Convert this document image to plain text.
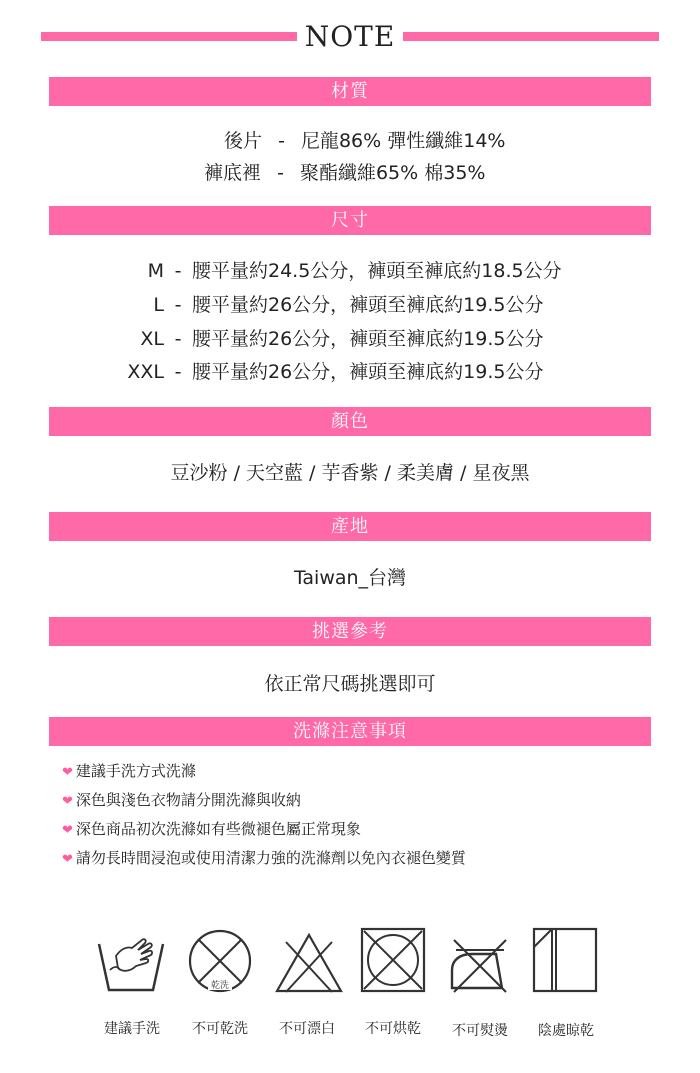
NOTE
材質
後片 - 尼龍86% 彈性纖維14%
褲底裡 - 聚酯纖維65% 棉35%
尺寸
M - 腰平量約24.5公分，褲頭至褲底約18.5公分
L - 腰平量約26公分，褲頭至褲底約19.5公分
XL - 腰平量約26公分，褲頭至褲底約19.5公分
XXL - 腰平量約26公分，褲頭至褲底約19.5公分
顏色
豆沙粉 / 天空藍 / 芋香紫 / 柔美膚 / 星夜黑
產地
Taiwan_台灣
挑選參考
依正常尺碼挑選即可
洗滌注意事項
❤ 建議手洗方式洗滌
❤ 深色與淺色衣物請分開洗滌與收納
❤ 深色商品初次洗滌如有些微褪色屬正常現象
❤ 請勿長時間浸泡或使用清潔力強的洗滌劑以免內衣褪色變質
乾洗
建議手洗	不可乾洗	不可漂白	不可烘乾	不可熨燙	陰處晾乾
